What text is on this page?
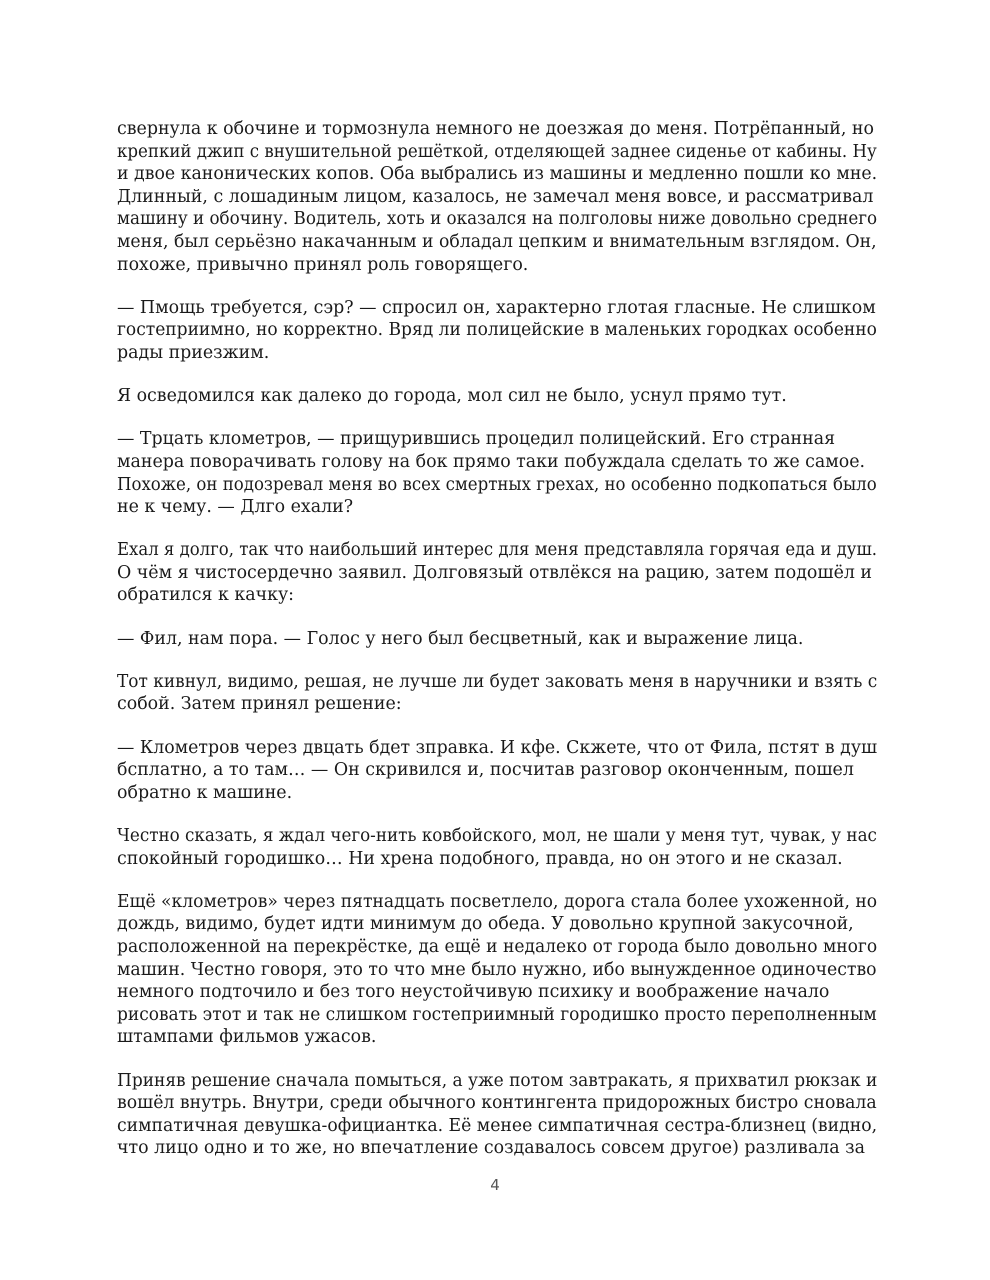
свернула к обочине и тормознула немного не доезжая до меня. Потрёпанный, но
крепкий джип с внушительной решёткой, отделяющей заднее сиденье от кабины. Ну
и двое канонических копов. Оба выбрались из машины и медленно пошли ко мне.
Длинный, с лошадиным лицом, казалось, не замечал меня вовсе, и рассматривал
машину и обочину. Водитель, хоть и оказался на полголовы ниже довольно среднего
меня, был серьёзно накачанным и обладал цепким и внимательным взглядом. Он,
похоже, привычно принял роль говорящего.

— Пмощь требуется, сэр? — спросил он, характерно глотая гласные. Не слишком
гостеприимно, но корректно. Вряд ли полицейские в маленьких городках особенно
рады приезжим.

Я осведомился как далеко до города, мол сил не было, уснул прямо тут.

— Трцать клометров, — прищурившись процедил полицейский. Его странная
манера поворачивать голову на бок прямо таки побуждала сделать то же самое.
Похоже, он подозревал меня во всех смертных грехах, но особенно подкопаться было
не к чему. — Длго ехали?

Ехал я долго, так что наибольший интерес для меня представляла горячая еда и душ.
О чём я чистосердечно заявил. Долговязый отвлёкся на рацию, затем подошёл и
обратился к качку:

— Фил, нам пора. — Голос у него был бесцветный, как и выражение лица.

Тот кивнул, видимо, решая, не лучше ли будет заковать меня в наручники и взять с
собой. Затем принял решение:

— Клометров через двцать бдет зправка. И кфе. Скжете, что от Фила, пстят в душ
бсплатно, а то там… — Он скривился и, посчитав разговор оконченным, пошел
обратно к машине.

Честно сказать, я ждал чего-нить ковбойского, мол, не шали у меня тут, чувак, у нас
спокойный городишко… Ни хрена подобного, правда, но он этого и не сказал.

Ещё «клометров» через пятнадцать посветлело, дорога стала более ухоженной, но
дождь, видимо, будет идти минимум до обеда. У довольно крупной закусочной,
расположенной на перекрёстке, да ещё и недалеко от города было довольно много
машин. Честно говоря, это то что мне было нужно, ибо вынужденное одиночество
немного подточило и без того неустойчивую психику и воображение начало
рисовать этот и так не слишком гостеприимный городишко просто переполненным
штампами фильмов ужасов.

Приняв решение сначала помыться, а уже потом завтракать, я прихватил рюкзак и
вошёл внутрь. Внутри, среди обычного контингента придорожных бистро сновала
симпатичная девушка-официантка. Её менее симпатичная сестра-близнец (видно,
что лицо одно и то же, но впечатление создавалось совсем другое) разливала за

4
